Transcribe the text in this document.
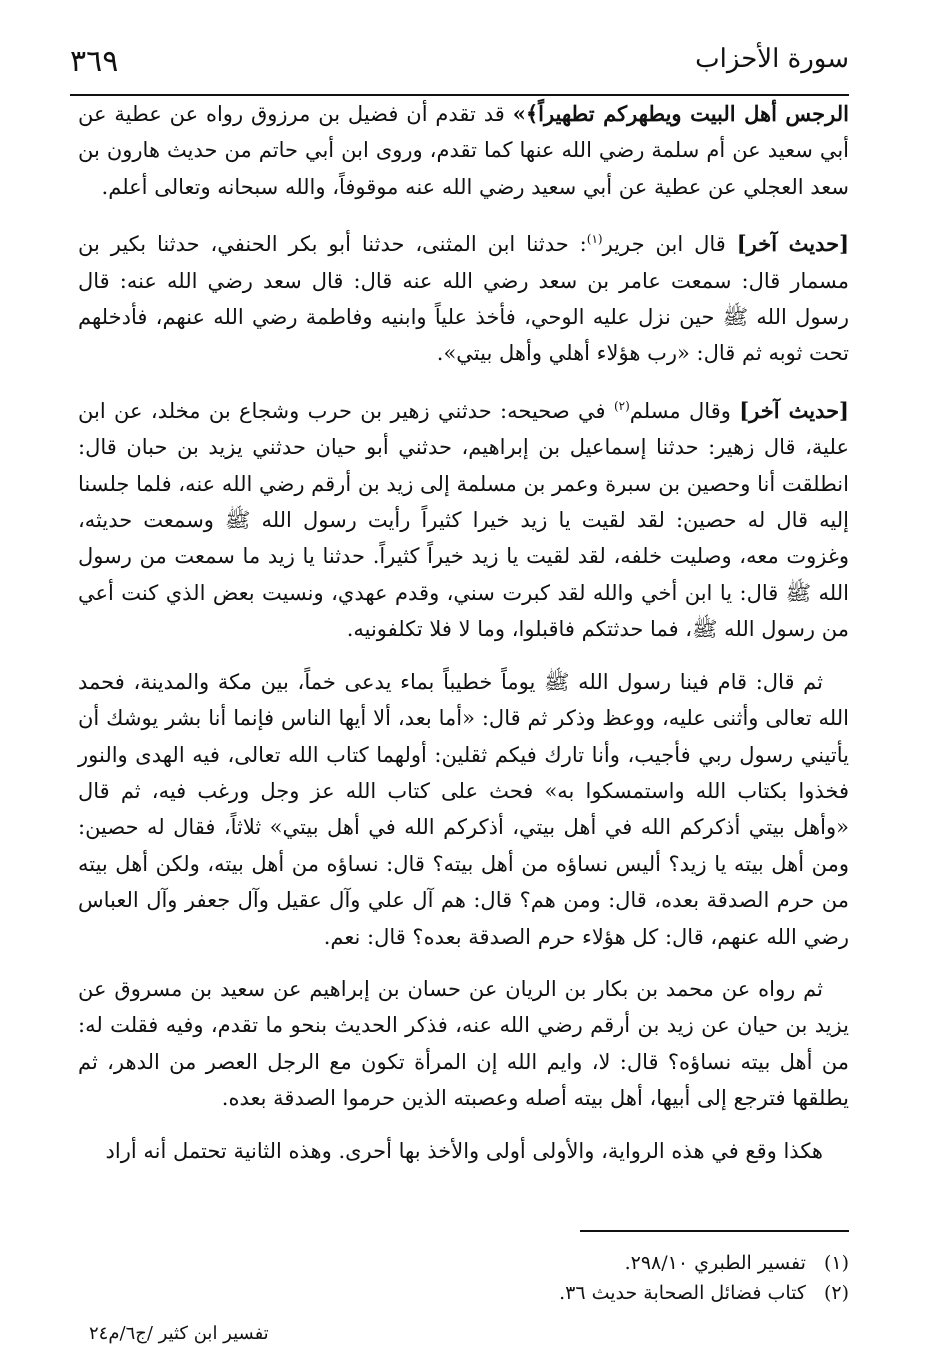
سورة الأحزاب
٣٦٩

الرجس أهل البيت ويطهركم تطهيراً﴾» قد تقدم أن فضيل بن مرزوق رواه عن عطية عن أبي سعيد عن أم سلمة رضي الله عنها كما تقدم، وروى ابن أبي حاتم من حديث هارون بن سعد العجلي عن عطية عن أبي سعيد رضي الله عنه موقوفاً، والله سبحانه وتعالى أعلم.

[حديث آخر] قال ابن جرير$^{(١)}$: حدثنا ابن المثنى، حدثنا أبو بكر الحنفي، حدثنا بكير بن مسمار قال: سمعت عامر بن سعد رضي الله عنه قال: قال سعد رضي الله عنه: قال رسول الله ﷺ حين نزل عليه الوحي، فأخذ علياً وابنيه وفاطمة رضي الله عنهم، فأدخلهم تحت ثوبه ثم قال: «رب هؤلاء أهلي وأهل بيتي».

[حديث آخر] وقال مسلم$^{(٢)}$ في صحيحه: حدثني زهير بن حرب وشجاع بن مخلد، عن ابن علية، قال زهير: حدثنا إسماعيل بن إبراهيم، حدثني أبو حيان حدثني يزيد بن حبان قال: انطلقت أنا وحصين بن سبرة وعمر بن مسلمة إلى زيد بن أرقم رضي الله عنه، فلما جلسنا إليه قال له حصين: لقد لقيت يا زيد خيرا كثيراً رأيت رسول الله ﷺ وسمعت حديثه، وغزوت معه، وصليت خلفه، لقد لقيت يا زيد خيراً كثيراً. حدثنا يا زيد ما سمعت من رسول الله ﷺ قال: يا ابن أخي والله لقد كبرت سني، وقدم عهدي، ونسيت بعض الذي كنت أعي من رسول الله ﷺ، فما حدثتكم فاقبلوا، وما لا فلا تكلفونيه.

ثم قال: قام فينا رسول الله ﷺ يوماً خطيباً بماء يدعى خماً، بين مكة والمدينة، فحمد الله تعالى وأثنى عليه، ووعظ وذكر ثم قال: «أما بعد، ألا أيها الناس فإنما أنا بشر يوشك أن يأتيني رسول ربي فأجيب، وأنا تارك فيكم ثقلين: أولهما كتاب الله تعالى، فيه الهدى والنور فخذوا بكتاب الله واستمسكوا به» فحث على كتاب الله عز وجل ورغب فيه، ثم قال «وأهل بيتي أذكركم الله في أهل بيتي، أذكركم الله في أهل بيتي» ثلاثاً، فقال له حصين: ومن أهل بيته يا زيد؟ أليس نساؤه من أهل بيته؟ قال: نساؤه من أهل بيته، ولكن أهل بيته من حرم الصدقة بعده، قال: ومن هم؟ قال: هم آل علي وآل عقيل وآل جعفر وآل العباس رضي الله عنهم، قال: كل هؤلاء حرم الصدقة بعده؟ قال: نعم.

ثم رواه عن محمد بن بكار بن الريان عن حسان بن إبراهيم عن سعيد بن مسروق عن يزيد بن حيان عن زيد بن أرقم رضي الله عنه، فذكر الحديث بنحو ما تقدم، وفيه فقلت له: من أهل بيته نساؤه؟ قال: لا، وايم الله إن المرأة تكون مع الرجل العصر من الدهر، ثم يطلقها فترجع إلى أبيها، أهل بيته أصله وعصبته الذين حرموا الصدقة بعده.

هكذا وقع في هذه الرواية، والأولى أولى والأخذ بها أحرى. وهذه الثانية تحتمل أنه أراد

(١)
تفسير الطبري ٢٩٨/١٠.
(٢)
كتاب فضائل الصحابة حديث ٣٦.
تفسير ابن كثير /ج٦/م٢٤
